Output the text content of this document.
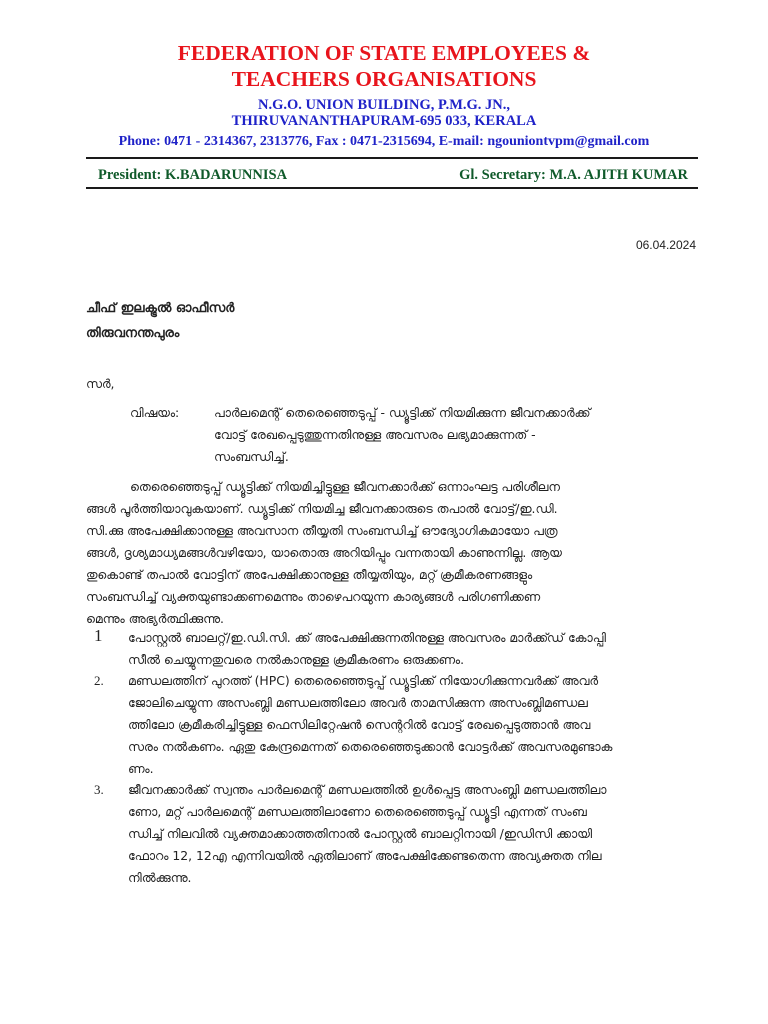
FEDERATION OF STATE EMPLOYEES &
TEACHERS ORGANISATIONS
N.G.O. UNION BUILDING, P.M.G. JN.,
THIRUVANANTHAPURAM-695 033, KERALA
Phone: 0471 - 2314367, 2313776, Fax : 0471-2315694, E-mail: ngouniontvpm@gmail.com
President: K.BADARUNNISA	Gl. Secretary: M.A. AJITH KUMAR
06.04.2024
ചീഫ് ഇലക്ട്രൽ ഓഫീസർ
തിരുവനന്തപുരം
സർ,
വിഷയം:	പാർലമെന്റ് തെരെഞ്ഞെടുപ്പ് - ഡ്യൂട്ടിക്ക് നിയമിക്കുന്ന ജീവനക്കാർക്ക്
വോട്ട് രേഖപ്പെടുത്തുന്നതിനുള്ള അവസരം ലഭ്യമാക്കുന്നത് -
സംബന്ധിച്ച്.
തെരെഞ്ഞെടുപ്പ് ഡ്യൂട്ടിക്ക് നിയമിച്ചിട്ടുള്ള ജീവനക്കാർക്ക് ഒന്നാംഘട്ട പരിശീലന
ങ്ങൾ പൂർത്തിയാവുകയാണ്. ഡ്യൂട്ടിക്ക് നിയമിച്ച ജീവനക്കാരുടെ തപാൽ വോട്ട്/ഇ.ഡി.
സി.ക്കു അപേക്ഷിക്കാനുള്ള അവസാന തീയ്യതി സംബന്ധിച്ച് ഔദ്യോഗികമായോ പത്ര
ങ്ങൾ, ദൃശ്യമാധ്യമങ്ങൾവഴിയോ, യാതൊരു അറിയിപ്പും വന്നതായി കാണുന്നില്ല. ആയ
തുകൊണ്ട് തപാൽ വോട്ടിന് അപേക്ഷിക്കാനുള്ള തീയ്യതിയും, മറ്റ് ക്രമീകരണങ്ങളും
സംബന്ധിച്ച് വ്യക്തയുണ്ടാക്കണമെന്നും താഴെപറയുന്ന കാര്യങ്ങൾ പരിഗണിക്കണ
മെന്നും അഭ്യർത്ഥിക്കുന്നു.
1 പോസ്റ്റൽ ബാലറ്റ്/ഇ.ഡി.സി. ക്ക് അപേക്ഷിക്കുന്നതിനുള്ള അവസരം മാർക്ക്ഡ് കോപ്പി
സീൽ ചെയ്യുന്നതുവരെ നൽകാനുള്ള ക്രമീകരണം ഒരുക്കണം.
2. മണ്ഡലത്തിന് പുറത്ത് (HPC) തെരെഞ്ഞെടുപ്പ് ഡ്യൂട്ടിക്ക് നിയോഗിക്കുന്നവർക്ക് അവർ
ജോലിചെയ്യുന്ന അസംബ്ലി മണ്ഡലത്തിലോ അവർ താമസിക്കുന്ന അസംബ്ലിമണ്ഡല
ത്തിലോ ക്രമീകരിച്ചിട്ടുള്ള ഫെസിലിറ്റേഷൻ സെന്ററിൽ വോട്ട് രേഖപ്പെടുത്താൻ അവ
സരം നൽകണം. ഏതു കേന്ദ്രമെന്നത് തെരെഞ്ഞെടുക്കാൻ വോട്ടർക്ക് അവസരമുണ്ടാക
ണം.
3. ജീവനക്കാർക്ക് സ്വന്തം പാർലമെന്റ് മണ്ഡലത്തിൽ ഉൾപ്പെട്ട അസംബ്ലി മണ്ഡലത്തിലാ
ണോ, മറ്റ് പാർലമെന്റ് മണ്ഡലത്തിലാണോ തെരെഞ്ഞെടുപ്പ് ഡ്യൂട്ടി എന്നത് സംബ
ന്ധിച്ച് നിലവിൽ വ്യക്തമാക്കാത്തതിനാൽ പോസ്റ്റൽ ബാലറ്റിനായി /ഇഡിസി ക്കായി
ഫോറം 12, 12എ എന്നിവയിൽ ഏതിലാണ് അപേക്ഷിക്കേണ്ടതെന്ന അവ്യക്തത നില
നിൽക്കുന്നു.
